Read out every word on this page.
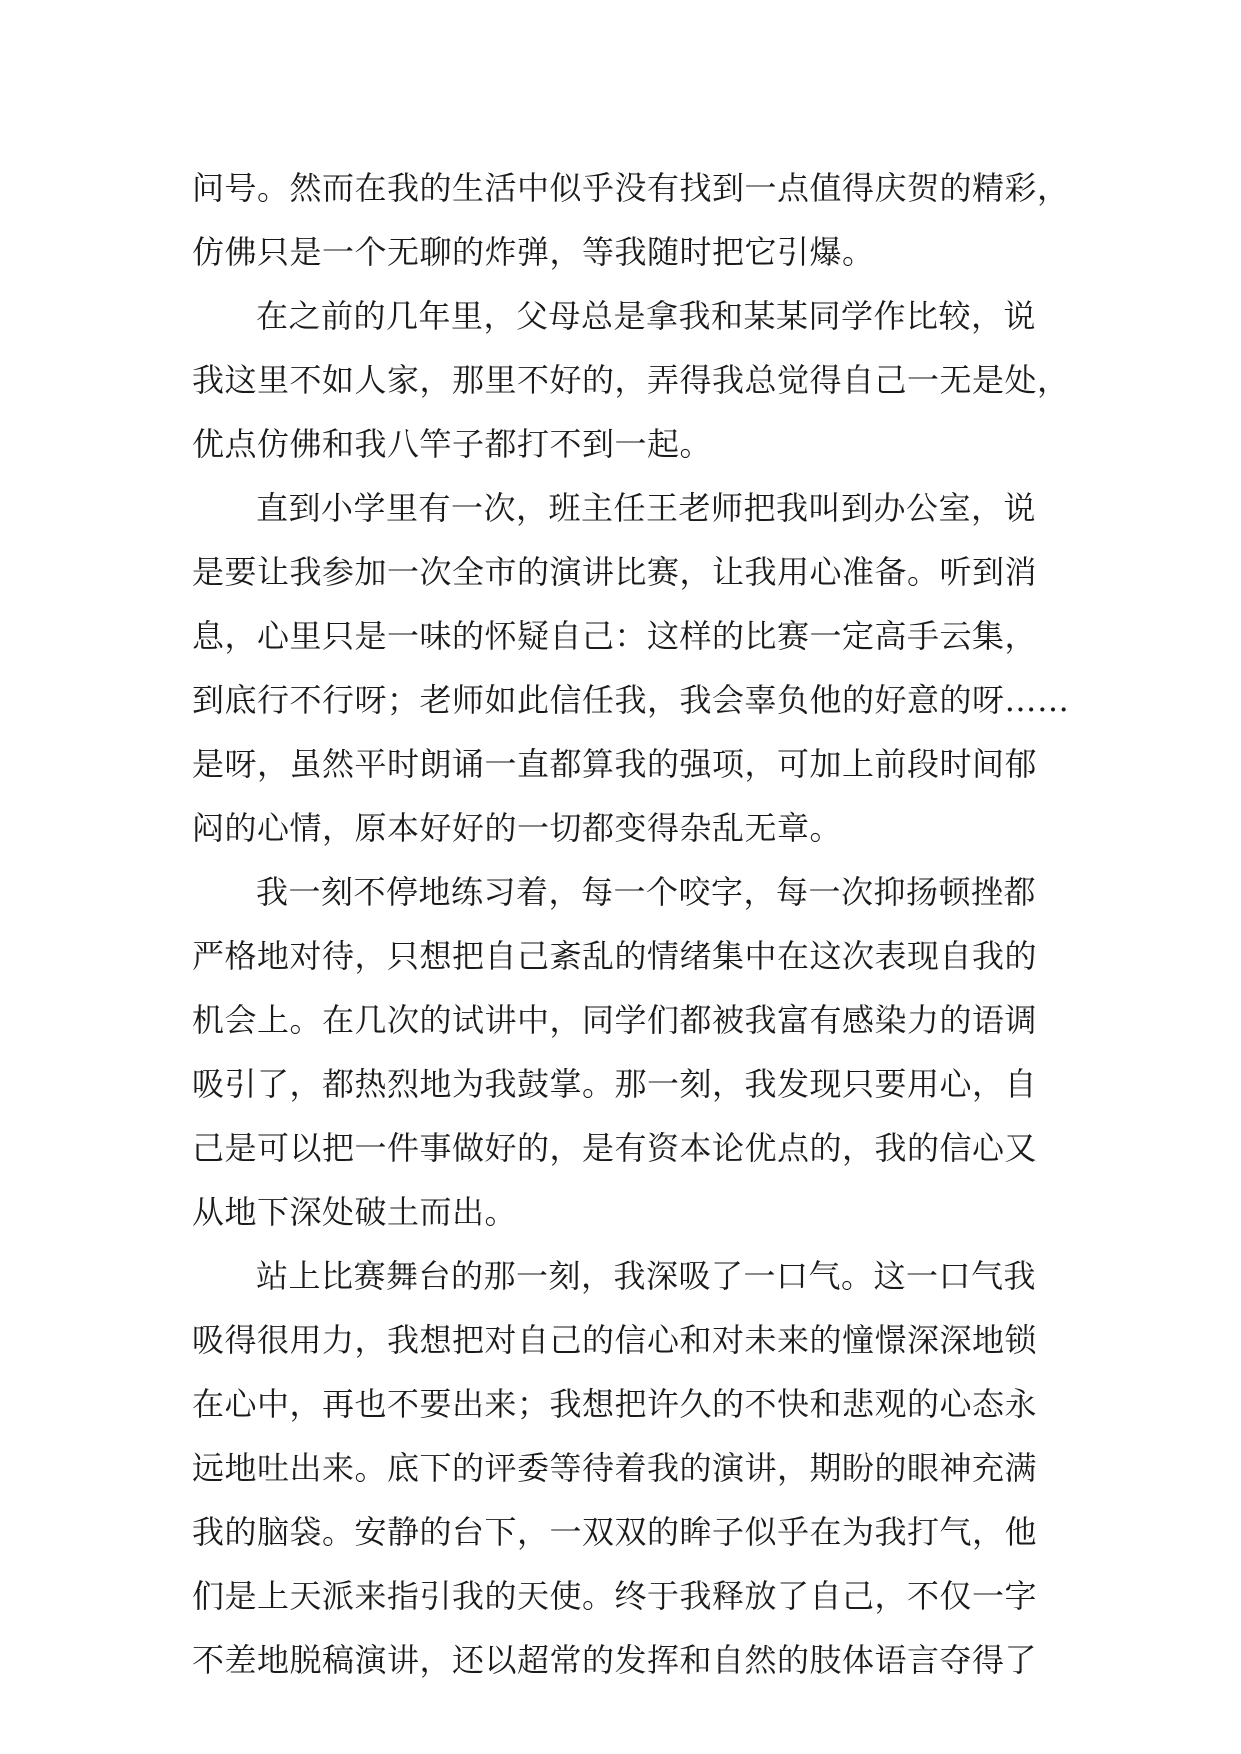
问号。然而在我的生活中似乎没有找到一点值得庆贺的精彩，
仿佛只是一个无聊的炸弹，等我随时把它引爆。
在之前的几年里，父母总是拿我和某某同学作比较，说
我这里不如人家，那里不好的，弄得我总觉得自己一无是处，
优点仿佛和我八竿子都打不到一起。
直到小学里有一次，班主任王老师把我叫到办公室，说
是要让我参加一次全市的演讲比赛，让我用心准备。听到消
息，心里只是一味的怀疑自己：这样的比赛一定高手云集，
到底行不行呀；老师如此信任我，我会辜负他的好意的呀……
是呀，虽然平时朗诵一直都算我的强项，可加上前段时间郁
闷的心情，原本好好的一切都变得杂乱无章。
我一刻不停地练习着，每一个咬字，每一次抑扬顿挫都
严格地对待，只想把自己紊乱的情绪集中在这次表现自我的
机会上。在几次的试讲中，同学们都被我富有感染力的语调
吸引了，都热烈地为我鼓掌。那一刻，我发现只要用心，自
己是可以把一件事做好的，是有资本论优点的，我的信心又
从地下深处破土而出。
站上比赛舞台的那一刻，我深吸了一口气。这一口气我
吸得很用力，我想把对自己的信心和对未来的憧憬深深地锁
在心中，再也不要出来；我想把许久的不快和悲观的心态永
远地吐出来。底下的评委等待着我的演讲，期盼的眼神充满
我的脑袋。安静的台下，一双双的眸子似乎在为我打气，他
们是上天派来指引我的天使。终于我释放了自己，不仅一字
不差地脱稿演讲，还以超常的发挥和自然的肢体语言夺得了
